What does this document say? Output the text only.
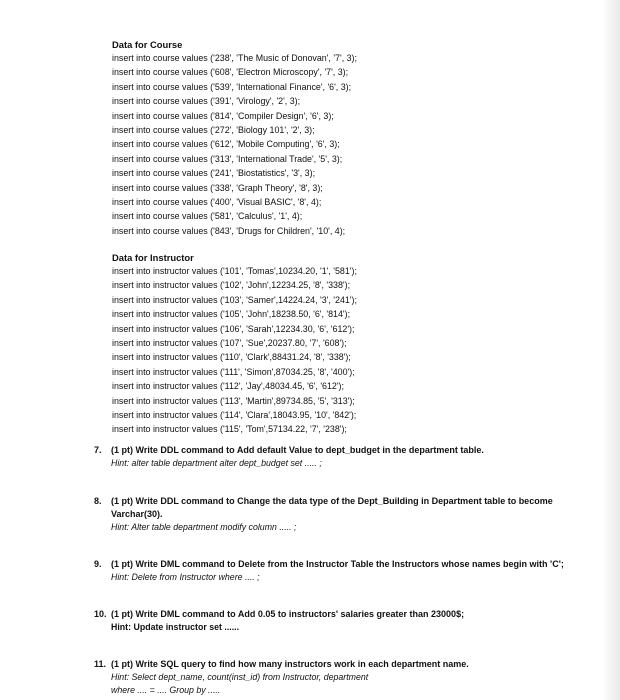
Data for Course
insert into course values ('238', 'The Music of Donovan', '7', 3);
insert into course values ('608', 'Electron Microscopy', '7', 3);
insert into course values ('539', 'International Finance', '6', 3);
insert into course values ('391', 'Virology', '2', 3);
insert into course values ('814', 'Compiler Design', '6', 3);
insert into course values ('272', 'Biology 101', '2', 3);
insert into course values ('612', 'Mobile Computing', '6', 3);
insert into course values ('313', 'International Trade', '5', 3);
insert into course values ('241', 'Biostatistics', '3', 3);
insert into course values ('338', 'Graph Theory', '8', 3);
insert into course values ('400', 'Visual BASIC', '8', 4);
insert into course values ('581', 'Calculus', '1', 4);
insert into course values ('843', 'Drugs for Children', '10', 4);
Data for Instructor
insert into instructor values ('101', 'Tomas',10234.20, '1', '581');
insert into instructor values ('102', 'John',12234.25, '8', '338');
insert into instructor values ('103', 'Samer',14224.24, '3', '241');
insert into instructor values ('105', 'John',18238.50, '6', '814');
insert into instructor values ('106', 'Sarah',12234.30, '6', '612');
insert into instructor values ('107', 'Sue',20237.80, '7', '608');
insert into instructor values ('110', 'Clark',88431.24, '8', '338');
insert into instructor values ('111', 'Simon',87034.25, '8', '400');
insert into instructor values ('112', 'Jay',48034.45, '6', '612');
insert into instructor values ('113', 'Martin',89734.85, '5', '313');
insert into instructor values ('114', 'Clara',18043.95, '10', '842');
insert into instructor values ('115', 'Tom',57134.22, '7', '238');
7. (1 pt) Write DDL command to Add default Value to dept_budget in the department table.
Hint: alter table department alter dept_budget set ..... ;
8. (1 pt) Write DDL command to Change the data type of the Dept_Building in Department table to become Varchar(30).
Hint: Alter table department modify column ..... ;
9. (1 pt) Write DML command to Delete from the Instructor Table the Instructors whose names begin with 'C';
Hint: Delete from Instructor where .... ;
10. (1 pt) Write DML command to Add 0.05 to instructors' salaries greater than 23000$;
Hint: Update instructor set ......
11. (1 pt) Write SQL query to find how many instructors work in each department name.
Hint: Select dept_name, count(inst_id) from Instructor, department
where .... = .... Group by .....
